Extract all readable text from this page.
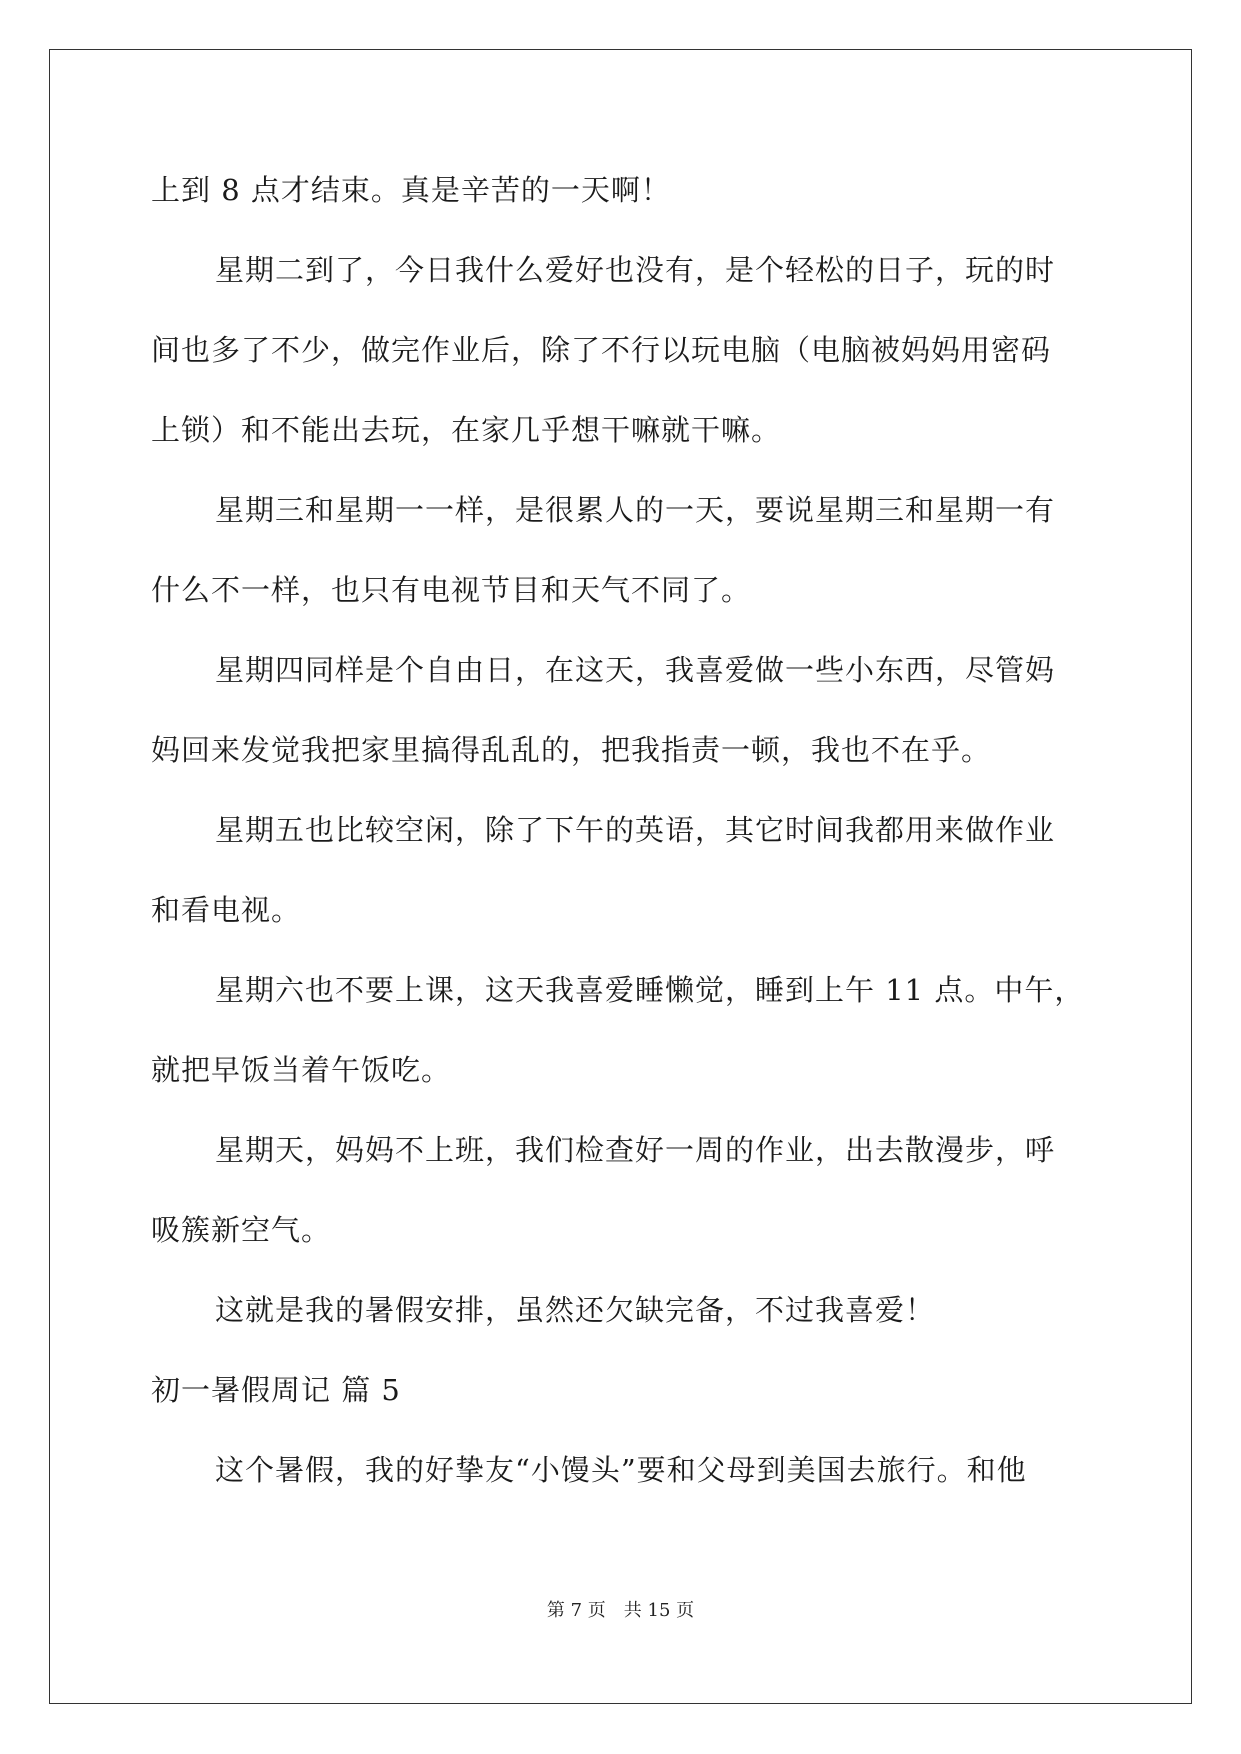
上到 8 点才结束。真是辛苦的一天啊！
星期二到了，今日我什么爱好也没有，是个轻松的日子，玩的时
间也多了不少，做完作业后，除了不行以玩电脑（电脑被妈妈用密码
上锁）和不能出去玩，在家几乎想干嘛就干嘛。
星期三和星期一一样，是很累人的一天，要说星期三和星期一有
什么不一样，也只有电视节目和天气不同了。
星期四同样是个自由日，在这天，我喜爱做一些小东西，尽管妈
妈回来发觉我把家里搞得乱乱的，把我指责一顿，我也不在乎。
星期五也比较空闲，除了下午的英语，其它时间我都用来做作业
和看电视。
星期六也不要上课，这天我喜爱睡懒觉，睡到上午 11 点。中午，
就把早饭当着午饭吃。
星期天，妈妈不上班，我们检查好一周的作业，出去散漫步，呼
吸簇新空气。
这就是我的暑假安排，虽然还欠缺完备，不过我喜爱！
初一暑假周记 篇 5
这个暑假，我的好挚友“小馒头”要和父母到美国去旅行。和他
第 7 页　共 15 页
